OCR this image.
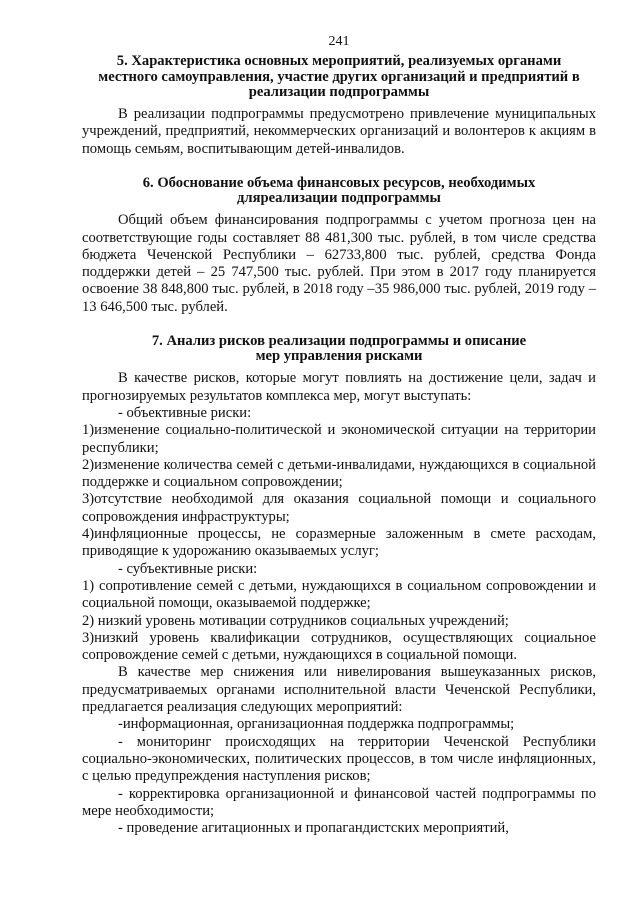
241
5. Характеристика основных мероприятий, реализуемых органами
местного самоуправления, участие других организаций и предприятий в
реализации подпрограммы

В реализации подпрограммы предусмотрено привлечение муниципальных учреждений, предприятий, некоммерческих организаций и волонтеров к акциям в помощь семьям, воспитывающим детей-инвалидов.

6. Обоснование объема финансовых ресурсов, необходимых
дляреализации подпрограммы

Общий объем финансирования подпрограммы с учетом прогноза цен на соответствующие годы составляет 88 481,300 тыс. рублей, в том числе средства бюджета Чеченской Республики – 62733,800 тыс. рублей, средства Фонда поддержки детей – 25 747,500 тыс. рублей. При этом в 2017 году планируется освоение 38 848,800 тыс. рублей, в 2018 году –35 986,000 тыс. рублей, 2019 году – 13 646,500 тыс. рублей.

7. Анализ рисков реализации подпрограммы и описание
мер управления рисками

В качестве рисков, которые могут повлиять на достижение цели, задач и прогнозируемых результатов комплекса мер, могут выступать:

- объективные риски:

1)изменение социально-политической и экономической ситуации на территории республики;

2)изменение количества семей с детьми-инвалидами, нуждающихся в социальной поддержке и социальном сопровождении;

3)отсутствие необходимой для оказания социальной помощи и социального сопровождения инфраструктуры;

4)инфляционные процессы, не соразмерные заложенным в смете расходам, приводящие к удорожанию оказываемых услуг;

- субъективные риски:

1) сопротивление семей с детьми, нуждающихся в социальном сопровождении и социальной помощи, оказываемой поддержке;

2) низкий уровень мотивации сотрудников социальных учреждений;

3)низкий уровень квалификации сотрудников, осуществляющих социальное сопровождение семей с детьми, нуждающихся в социальной помощи.

В качестве мер снижения или нивелирования вышеуказанных рисков, предусматриваемых органами исполнительной власти Чеченской Республики, предлагается реализация следующих мероприятий:

-информационная, организационная поддержка подпрограммы;

- мониторинг происходящих на территории Чеченской Республики социально-экономических, политических процессов, в том числе инфляционных, с целью предупреждения наступления рисков;

- корректировка организационной и финансовой частей подпрограммы по мере необходимости;

- проведение агитационных и пропагандистских мероприятий,
